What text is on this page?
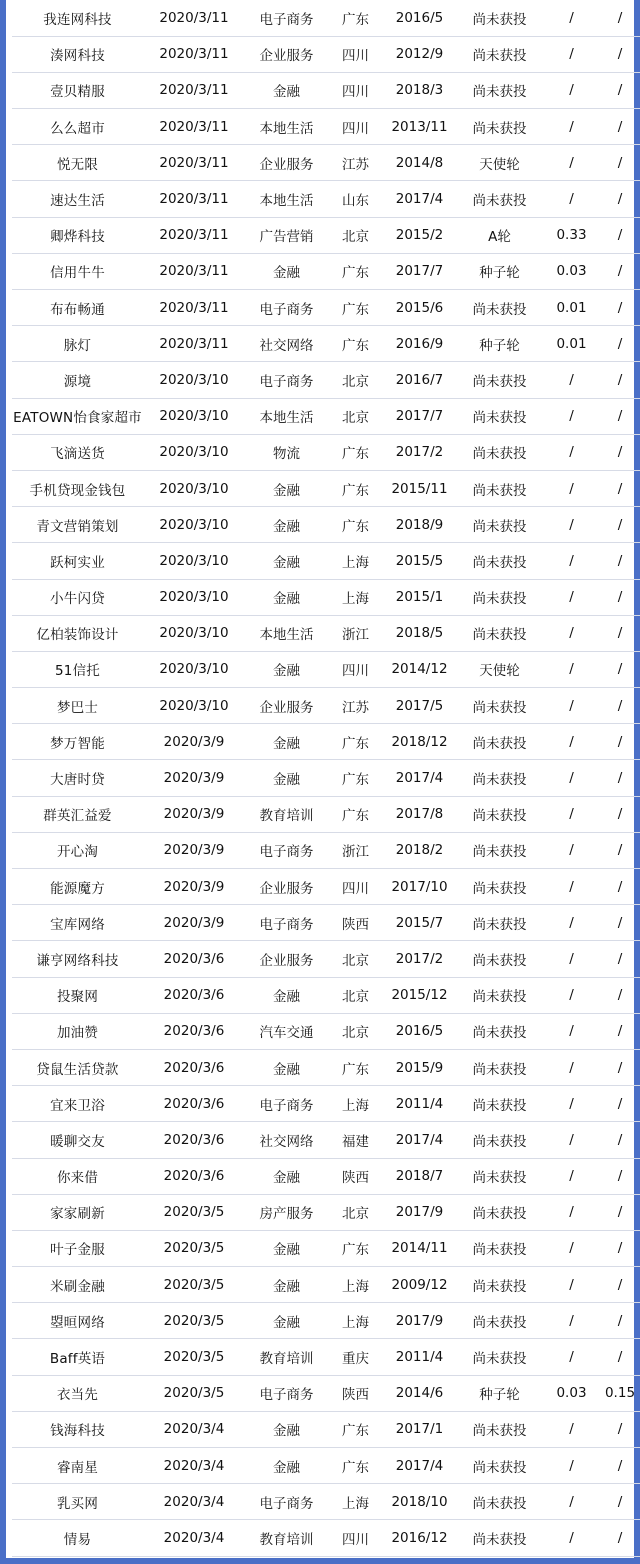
我连网科技	2020/3/11	电子商务	广东	2016/5	尚未获投	/	/
湊网科技	2020/3/11	企业服务	四川	2012/9	尚未获投	/	/
壹贝精服	2020/3/11	金融	四川	2018/3	尚未获投	/	/
么么超市	2020/3/11	本地生活	四川	2013/11	尚未获投	/	/
悦无限	2020/3/11	企业服务	江苏	2014/8	天使轮	/	/
速达生活	2020/3/11	本地生活	山东	2017/4	尚未获投	/	/
卿烨科技	2020/3/11	广告营销	北京	2015/2	A轮	0.33	/
信用牛牛	2020/3/11	金融	广东	2017/7	种子轮	0.03	/
布布畅通	2020/3/11	电子商务	广东	2015/6	尚未获投	0.01	/
脉灯	2020/3/11	社交网络	广东	2016/9	种子轮	0.01	/
源境	2020/3/10	电子商务	北京	2016/7	尚未获投	/	/
EATOWN怡食家超市	2020/3/10	本地生活	北京	2017/7	尚未获投	/	/
飞滴送货	2020/3/10	物流	广东	2017/2	尚未获投	/	/
手机贷现金钱包	2020/3/10	金融	广东	2015/11	尚未获投	/	/
青文营销策划	2020/3/10	金融	广东	2018/9	尚未获投	/	/
跃柯实业	2020/3/10	金融	上海	2015/5	尚未获投	/	/
小牛闪贷	2020/3/10	金融	上海	2015/1	尚未获投	/	/
亿柏装饰设计	2020/3/10	本地生活	浙江	2018/5	尚未获投	/	/
51信托	2020/3/10	金融	四川	2014/12	天使轮	/	/
梦巴士	2020/3/10	企业服务	江苏	2017/5	尚未获投	/	/
梦万智能	2020/3/9	金融	广东	2018/12	尚未获投	/	/
大唐时贷	2020/3/9	金融	广东	2017/4	尚未获投	/	/
群英汇益爱	2020/3/9	教育培训	广东	2017/8	尚未获投	/	/
开心淘	2020/3/9	电子商务	浙江	2018/2	尚未获投	/	/
能源魔方	2020/3/9	企业服务	四川	2017/10	尚未获投	/	/
宝库网络	2020/3/9	电子商务	陕西	2015/7	尚未获投	/	/
谦亨网络科技	2020/3/6	企业服务	北京	2017/2	尚未获投	/	/
投聚网	2020/3/6	金融	北京	2015/12	尚未获投	/	/
加油赞	2020/3/6	汽车交通	北京	2016/5	尚未获投	/	/
贷鼠生活贷款	2020/3/6	金融	广东	2015/9	尚未获投	/	/
宜来卫浴	2020/3/6	电子商务	上海	2011/4	尚未获投	/	/
暖聊交友	2020/3/6	社交网络	福建	2017/4	尚未获投	/	/
你来借	2020/3/6	金融	陕西	2018/7	尚未获投	/	/
家家刷新	2020/3/5	房产服务	北京	2017/9	尚未获投	/	/
叶子金服	2020/3/5	金融	广东	2014/11	尚未获投	/	/
米刷金融	2020/3/5	金融	上海	2009/12	尚未获投	/	/
曌晅网络	2020/3/5	金融	上海	2017/9	尚未获投	/	/
Baff英语	2020/3/5	教育培训	重庆	2011/4	尚未获投	/	/
衣当先	2020/3/5	电子商务	陕西	2014/6	种子轮	0.03	0.15
钱海科技	2020/3/4	金融	广东	2017/1	尚未获投	/	/
睿南星	2020/3/4	金融	广东	2017/4	尚未获投	/	/
乳买网	2020/3/4	电子商务	上海	2018/10	尚未获投	/	/
情易	2020/3/4	教育培训	四川	2016/12	尚未获投	/	/
